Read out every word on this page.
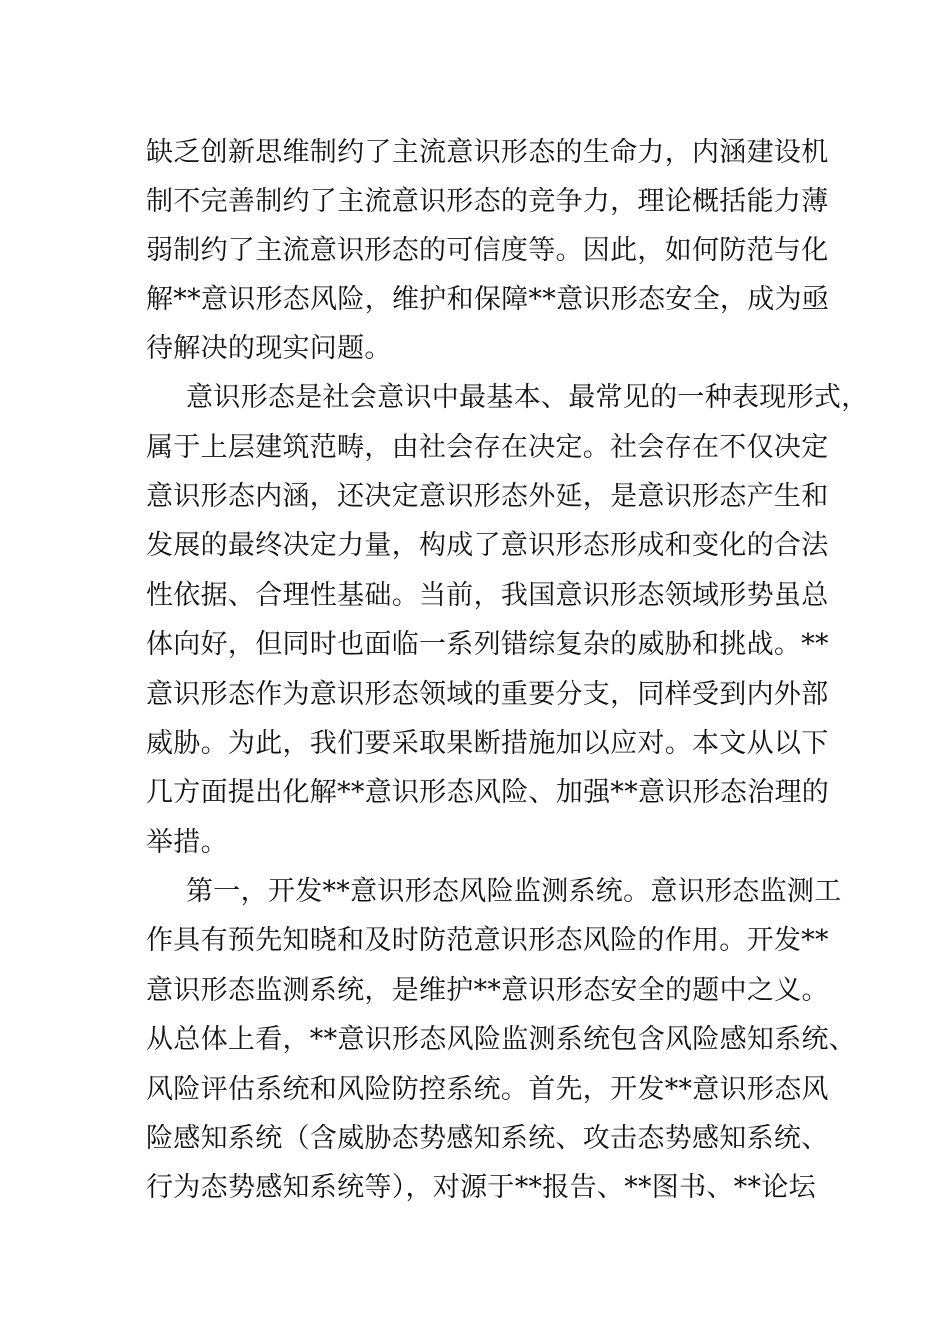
缺乏创新思维制约了主流意识形态的生命力，内涵建设机

制不完善制约了主流意识形态的竞争力，理论概括能力薄

弱制约了主流意识形态的可信度等。因此，如何防范与化

解**意识形态风险，维护和保障**意识形态安全，成为亟

待解决的现实问题。

意识形态是社会意识中最基本、最常见的一种表现形式，

属于上层建筑范畴，由社会存在决定。社会存在不仅决定

意识形态内涵，还决定意识形态外延，是意识形态产生和

发展的最终决定力量，构成了意识形态形成和变化的合法

性依据、合理性基础。当前，我国意识形态领域形势虽总

体向好，但同时也面临一系列错综复杂的威胁和挑战。**

意识形态作为意识形态领域的重要分支，同样受到内外部

威胁。为此，我们要采取果断措施加以应对。本文从以下

几方面提出化解**意识形态风险、加强**意识形态治理的

举措。

第一，开发**意识形态风险监测系统。意识形态监测工

作具有预先知晓和及时防范意识形态风险的作用。开发**

意识形态监测系统，是维护**意识形态安全的题中之义。

从总体上看，**意识形态风险监测系统包含风险感知系统、

风险评估系统和风险防控系统。首先，开发**意识形态风

险感知系统（含威胁态势感知系统、攻击态势感知系统、

行为态势感知系统等），对源于**报告、**图书、**论坛
